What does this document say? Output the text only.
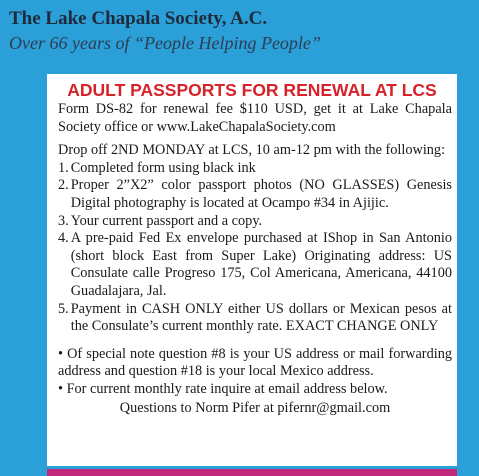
The Lake Chapala Society, A.C.
Over 66 years of “People Helping People”
ADULT PASSPORTS FOR RENEWAL AT LCS

Form DS-82 for renewal fee $110 USD, get it at Lake Chapala Society office or www.LakeChapalaSociety.com

Drop off 2ND MONDAY at LCS, 10 am-12 pm with the following:

1. Completed form using black ink
2. Proper 2”X2” color passport photos (NO GLASSES) Genesis Digital photography is located at Ocampo #34 in Ajijic.
3. Your current passport and a copy.
4. A pre-paid Fed Ex envelope purchased at IShop in San Antonio (short block East from Super Lake) Originating address: US Consulate calle Progreso 175, Col Americana, Americana, 44100 Guadalajara, Jal.
5. Payment in CASH ONLY either US dollars or Mexican pesos at the Consulate’s current monthly rate. EXACT CHANGE ONLY

• Of special note question #8 is your US address or mail forwarding address and question #18 is your local Mexico address.

• For current monthly rate inquire at email address below.

Questions to Norm Pifer at pifernr@gmail.com
